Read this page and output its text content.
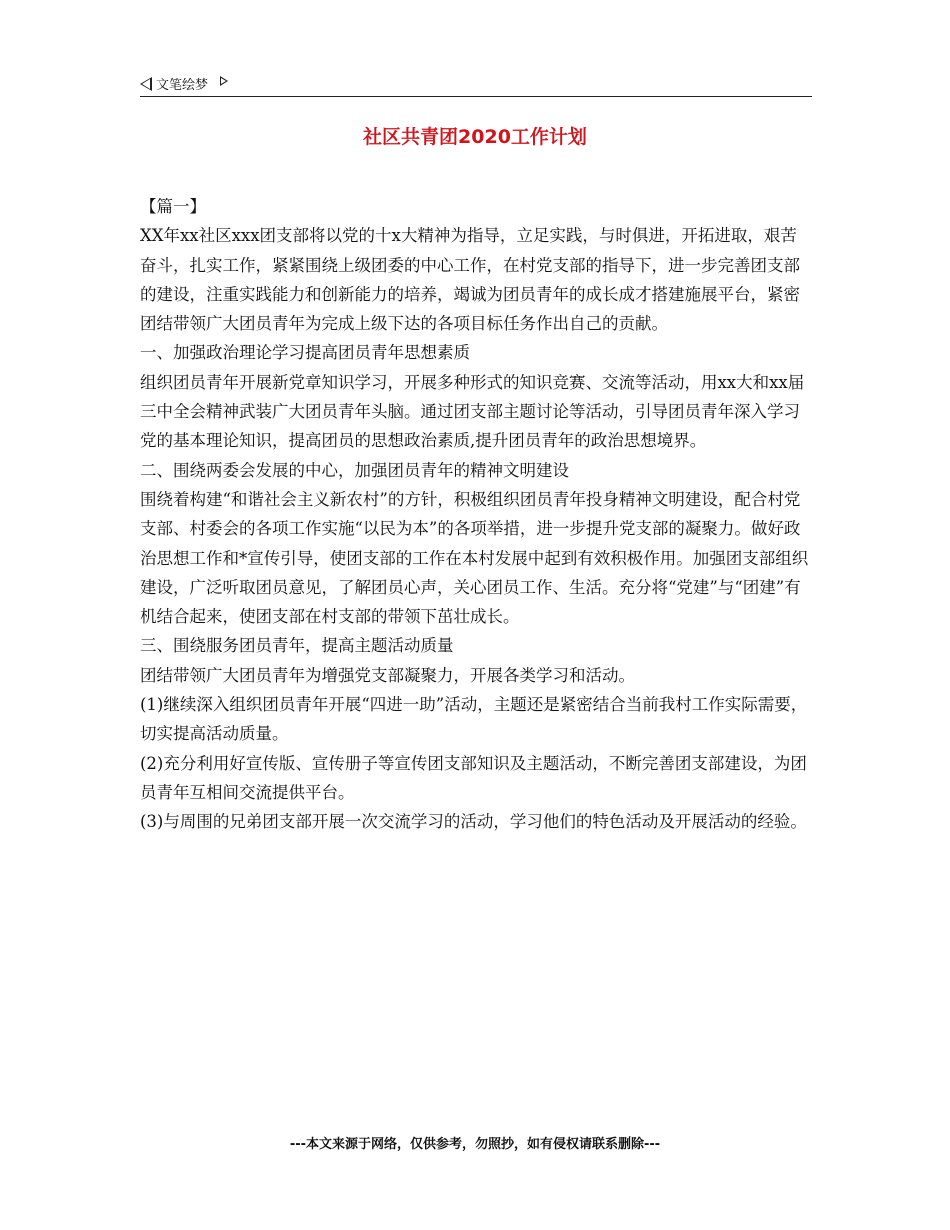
文笔绘梦
社区共青团2020工作计划

【篇一】

XX年xx社区xxx团支部将以党的十x大精神为指导，立足实践，与时俱进，开拓进取，艰苦奋斗，扎实工作，紧紧围绕上级团委的中心工作，在村党支部的指导下，进一步完善团支部的建设，注重实践能力和创新能力的培养，竭诚为团员青年的成长成才搭建施展平台，紧密团结带领广大团员青年为完成上级下达的各项目标任务作出自己的贡献。

一、加强政治理论学习提高团员青年思想素质

组织团员青年开展新党章知识学习，开展多种形式的知识竞赛、交流等活动，用xx大和xx届三中全会精神武装广大团员青年头脑。通过团支部主题讨论等活动，引导团员青年深入学习党的基本理论知识，提高团员的思想政治素质,提升团员青年的政治思想境界。

二、围绕两委会发展的中心，加强团员青年的精神文明建设

围绕着构建“和谐社会主义新农村”的方针，积极组织团员青年投身精神文明建设，配合村党支部、村委会的各项工作实施“以民为本”的各项举措，进一步提升党支部的凝聚力。做好政治思想工作和*宣传引导，使团支部的工作在本村发展中起到有效积极作用。加强团支部组织建设，广泛听取团员意见，了解团员心声，关心团员工作、生活。充分将“党建”与“团建”有机结合起来，使团支部在村支部的带领下茁壮成长。

三、围绕服务团员青年，提高主题活动质量

团结带领广大团员青年为增强党支部凝聚力，开展各类学习和活动。

(1)继续深入组织团员青年开展“四进一助”活动，主题还是紧密结合当前我村工作实际需要，切实提高活动质量。

(2)充分利用好宣传版、宣传册子等宣传团支部知识及主题活动，不断完善团支部建设，为团员青年互相间交流提供平台。

(3)与周围的兄弟团支部开展一次交流学习的活动，学习他们的特色活动及开展活动的经验。

---本文来源于网络，仅供参考，勿照抄，如有侵权请联系删除---
